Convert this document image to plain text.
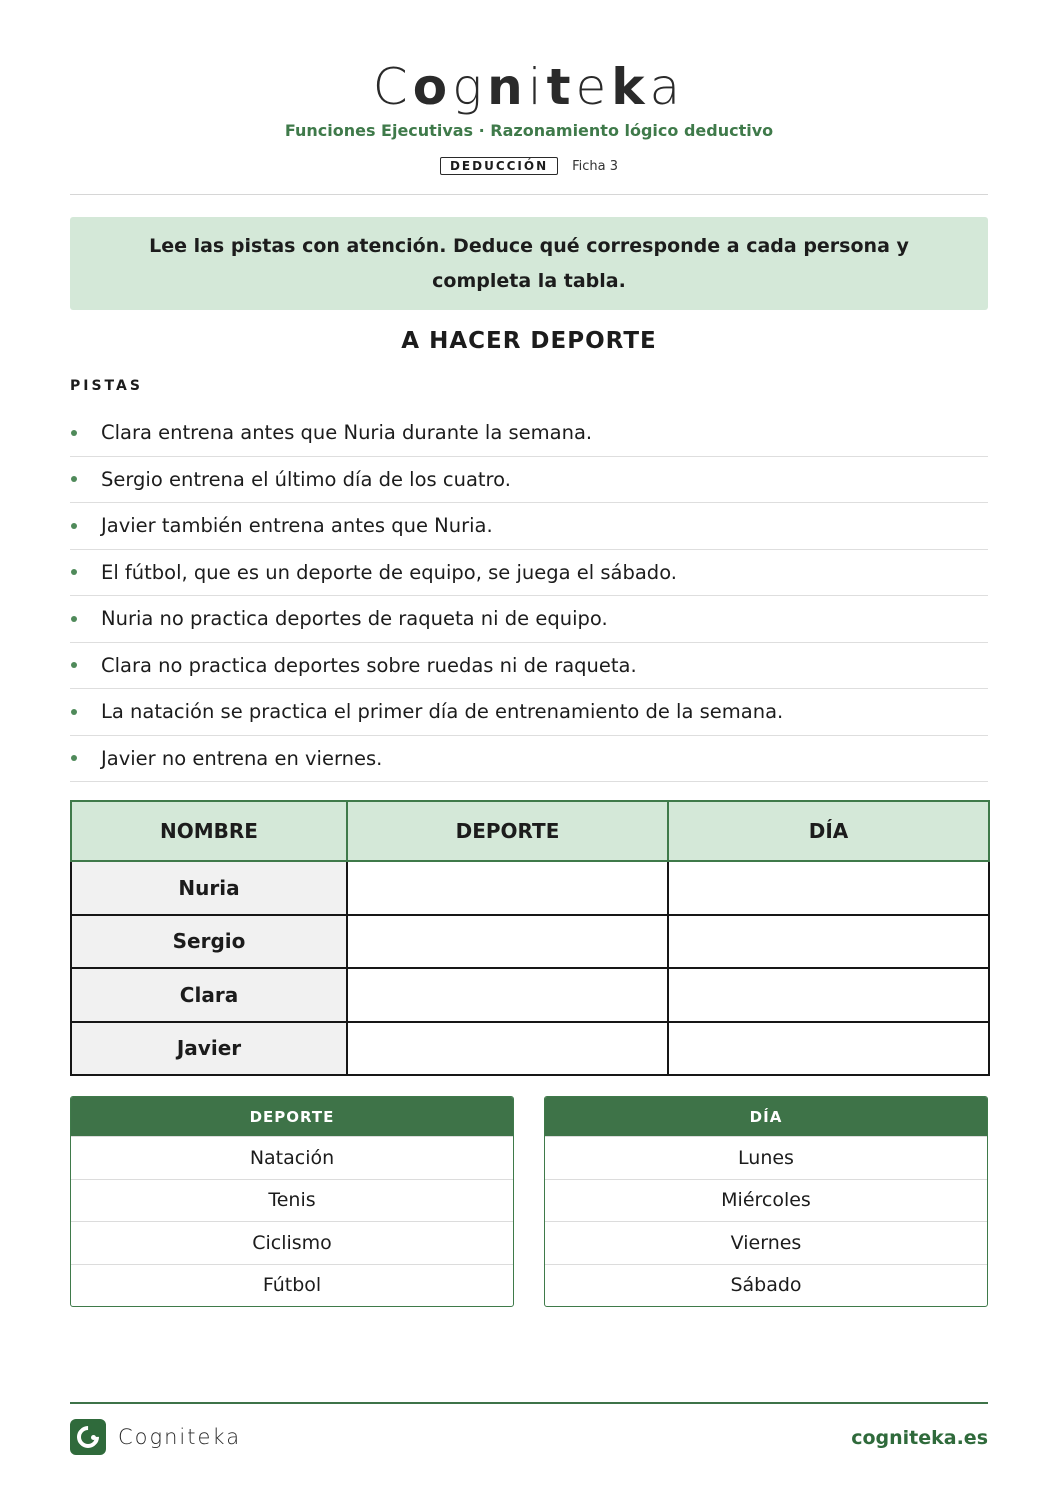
Cogniteka
Funciones Ejecutivas · Razonamiento lógico deductivo
DEDUCCIÓN	Ficha 3
Lee las pistas con atención. Deduce qué corresponde a cada persona y completa la tabla.
A HACER DEPORTE
PISTAS
Clara entrena antes que Nuria durante la semana.
Sergio entrena el último día de los cuatro.
Javier también entrena antes que Nuria.
El fútbol, que es un deporte de equipo, se juega el sábado.
Nuria no practica deportes de raqueta ni de equipo.
Clara no practica deportes sobre ruedas ni de raqueta.
La natación se practica el primer día de entrenamiento de la semana.
Javier no entrena en viernes.
NOMBRE	DEPORTE	DÍA
Nuria		
Sergio		
Clara		
Javier		
DEPORTE
Natación
Tenis
Ciclismo
Fútbol
DÍA
Lunes
Miércoles
Viernes
Sábado
Cogniteka	cogniteka.es
